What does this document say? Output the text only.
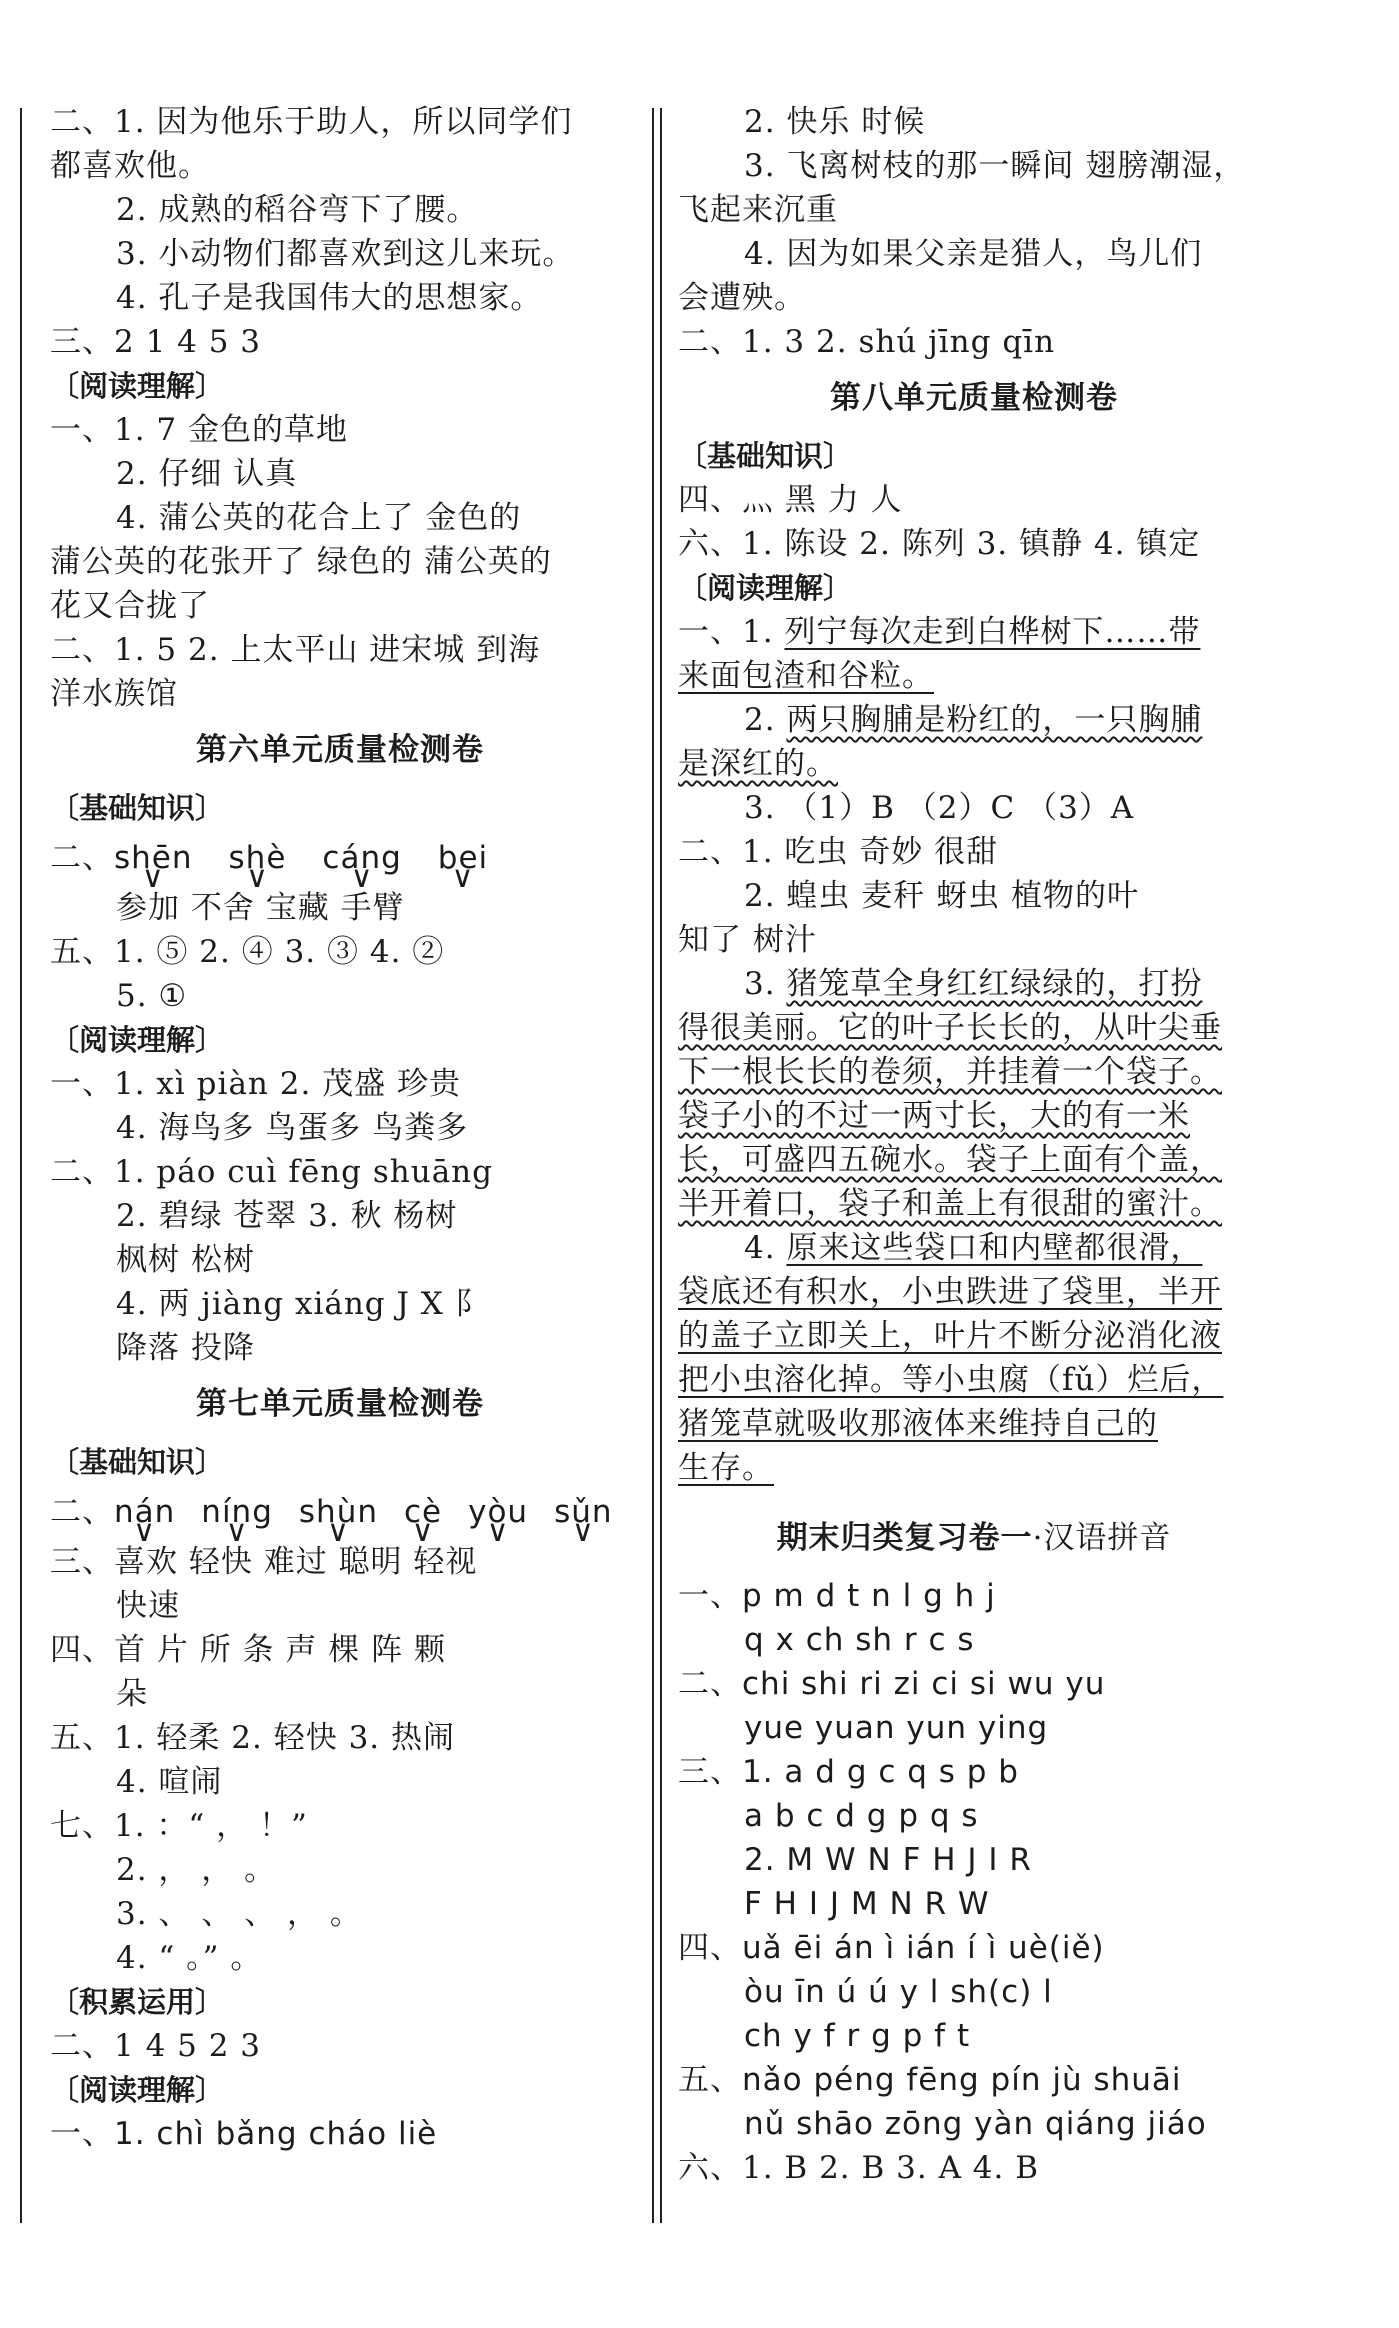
二、1. 因为他乐于助人，所以同学们
都喜欢他。
2. 成熟的稻谷弯下了腰。
3. 小动物们都喜欢到这儿来玩。
4. 孔子是我国伟大的思想家。
三、2 1 4 5 3
〔阅读理解〕
一、1. 7 金色的草地
2. 仔细 认真
4. 蒲公英的花合上了 金色的
蒲公英的花张开了 绿色的 蒲公英的
花又合拢了
二、1. 5 2. 上太平山 进宋城 到海
洋水族馆
第六单元质量检测卷
〔基础知识〕
二、shēn ∨ shè ∨ cáng ∨ bei ∨
参加 不舍 宝藏 手臂
五、1. ⑤ 2. ④ 3. ③ 4. ②
5. ①
〔阅读理解〕
一、1. xì piàn 2. 茂盛 珍贵
4. 海鸟多 鸟蛋多 鸟粪多
二、1. páo cuì fēng shuāng
2. 碧绿 苍翠 3. 秋 杨树
枫树 松树
4. 两 jiàng xiáng J X 阝
降落 投降
第七单元质量检测卷
〔基础知识〕
二、nán ∨ níng ∨ shùn ∨ cè ∨ yòu ∨ sǔn ∨
三、喜欢 轻快 难过 聪明 轻视
快速
四、首 片 所 条 声 棵 阵 颗
朵
五、1. 轻柔 2. 轻快 3. 热闹
4. 喧闹
七、1. ：“ ， ！”
2. ， ， 。
3. 、 、 、 ， 。
4. “ 。” 。
〔积累运用〕
二、1 4 5 2 3
〔阅读理解〕
一、1. chì bǎng cháo liè
2. 快乐 时候
3. 飞离树枝的那一瞬间 翅膀潮湿，
飞起来沉重
4. 因为如果父亲是猎人，鸟儿们
会遭殃。
二、1. 3 2. shú jīng qīn
第八单元质量检测卷
〔基础知识〕
四、灬 黑 力 人
六、1. 陈设 2. 陈列 3. 镇静 4. 镇定
〔阅读理解〕
一、1. 列宁每次走到白桦树下……带
来面包渣和谷粒。
2. 两只胸脯是粉红的，一只胸脯
是深红的。
3. （1）B （2）C （3）A
二、1. 吃虫 奇妙 很甜
2. 蝗虫 麦秆 蚜虫 植物的叶
知了 树汁
3. 猪笼草全身红红绿绿的，打扮
得很美丽。它的叶子长长的，从叶尖垂
下一根长长的卷须，并挂着一个袋子。
袋子小的不过一两寸长，大的有一米
长，可盛四五碗水。袋子上面有个盖，
半开着口，袋子和盖上有很甜的蜜汁。
4. 原来这些袋口和内壁都很滑，
袋底还有积水，小虫跌进了袋里，半开
的盖子立即关上，叶片不断分泌消化液
把小虫溶化掉。等小虫腐（fǔ）烂后，
猪笼草就吸收那液体来维持自己的
生存。
期末归类复习卷一·汉语拼音
一、p m d t n l g h j
q x ch sh r c s
二、chi shi ri zi ci si wu yu
yue yuan yun ying
三、1. a d g c q s p b
a b c d g p q s
2. M W N F H J I R
F H I J M N R W
四、uǎ ēi án ì ián í ì uè(iě)
òu īn ú ú y l sh(c) l
ch y f r g p f t
五、nǎo péng fēng pín jù shuāi
nǔ shāo zōng yàn qiáng jiáo
六、1. B 2. B 3. A 4. B
